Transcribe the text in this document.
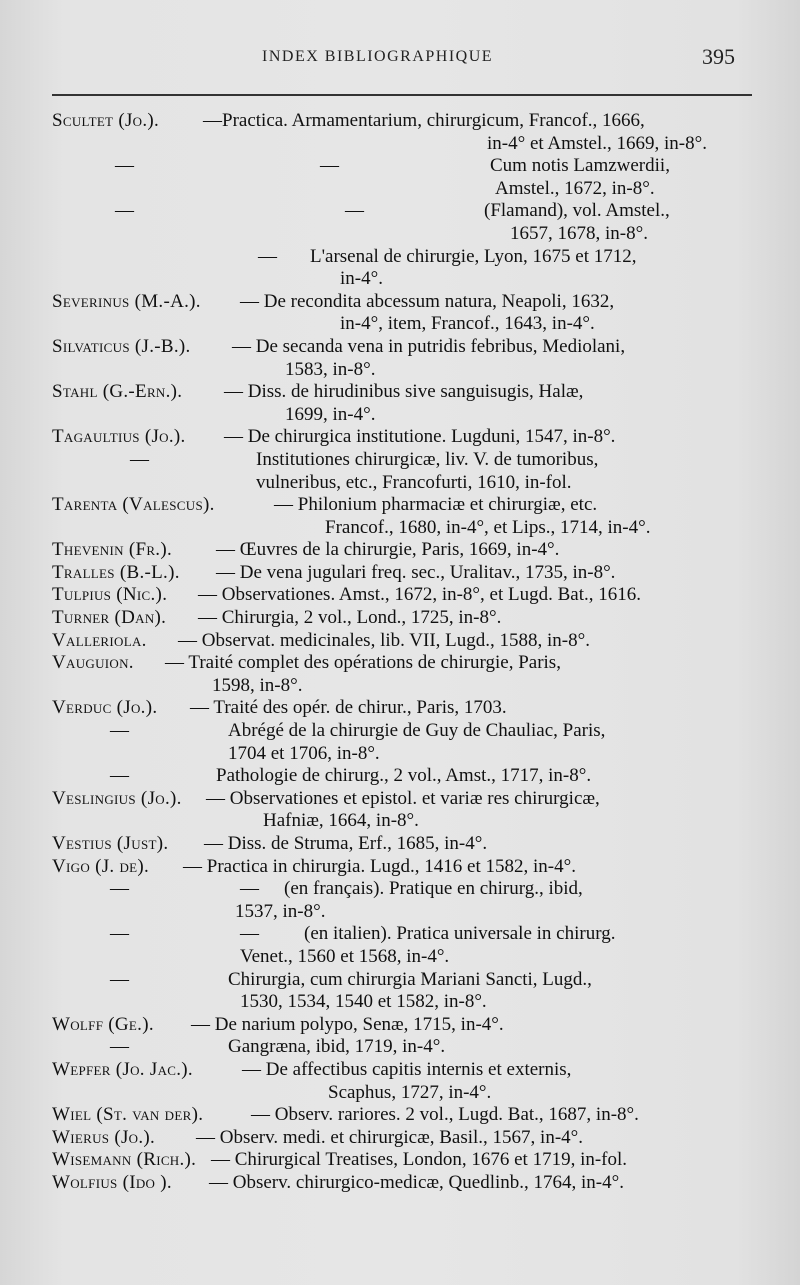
INDEX BIBLIOGRAPHIQUE	395
Scultet (Jo.). —Practica. Armamentarium, chirurgicum, Francof., 1666,
in-4° et Amstel., 1669, in-8°.
—	—	Cum notis Lamzwerdii,
Amstel., 1672, in-8°.
—	—	(Flamand), vol. Amstel.,
1657, 1678, in-8°.
— L'arsenal de chirurgie, Lyon, 1675 et 1712,
in-4°.
Severinus (M.-A.). — De recondita abcessum natura, Neapoli, 1632,
in-4°, item, Francof., 1643, in-4°.
Silvaticus (J.-B.). — De secanda vena in putridis febribus, Mediolani,
1583, in-8°.
Stahl (G.-Ern.). — Diss. de hirudinibus sive sanguisugis, Halæ,
1699, in-4°.
Tagaultius (Jo.). — De chirurgica institutione. Lugduni, 1547, in-8°.
—	Institutiones chirurgicæ, liv. V. de tumoribus,
vulneribus, etc., Francofurti, 1610, in-fol.
Tarenta (Valescus).	— Philonium pharmaciæ et chirurgiæ, etc.
Francof., 1680, in-4°, et Lips., 1714, in-4°.
Thevenin (Fr.). — Œuvres de la chirurgie, Paris, 1669, in-4°.
Tralles (B.-L.). — De vena jugulari freq. sec., Uralitav., 1735, in-8°.
Tulpius (Nic.). — Observationes. Amst., 1672, in-8°, et Lugd. Bat., 1616.
Turner (Dan). — Chirurgia, 2 vol., Lond., 1725, in-8°.
Valleriola. — Observat. medicinales, lib. VII, Lugd., 1588, in-8°.
Vauguion. — Traité complet des opérations de chirurgie, Paris,
1598, in-8°.
Verduc (Jo.). — Traité des opér. de chirur., Paris, 1703.
—	Abrégé de la chirurgie de Guy de Chauliac, Paris,
1704 et 1706, in-8°.
—	Pathologie de chirurg., 2 vol., Amst., 1717, in-8°.
Veslingius (Jo.). — Observationes et epistol. et variæ res chirurgicæ,
Hafniæ, 1664, in-8°.
Vestius (Just). — Diss. de Struma, Erf., 1685, in-4°.
Vigo (J. de). — Practica in chirurgia. Lugd., 1416 et 1582, in-4°.
—	— (en français). Pratique en chirurg., ibid,
1537, in-8°.
—	— (en italien). Pratica universale in chirurg.
Venet., 1560 et 1568, in-4°.
—	Chirurgia, cum chirurgia Mariani Sancti, Lugd.,
1530, 1534, 1540 et 1582, in-8°.
Wolff (Ge.). — De narium polypo, Senæ, 1715, in-4°.
—	Gangræna, ibid, 1719, in-4°.
Wepfer (Jo. Jac.).	— De affectibus capitis internis et externis,
Scaphus, 1727, in-4°.
Wiel (St. van der).	— Observ. rariores. 2 vol., Lugd. Bat., 1687, in-8°.
Wierus (Jo.). — Observ. medi. et chirurgicæ, Basil., 1567, in-4°.
Wisemann (Rich.). — Chirurgical Treatises, London, 1676 et 1719, in-fol.
Wolfius (Ido ). — Observ. chirurgico-medicæ, Quedlinb., 1764, in-4°.
